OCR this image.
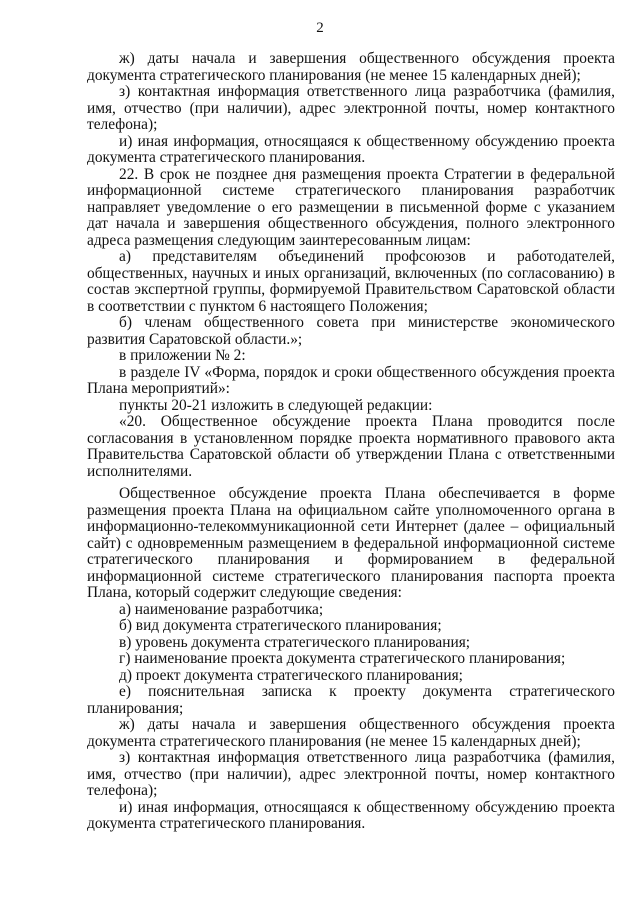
2

ж) даты начала и завершения общественного обсуждения проекта документа стратегического планирования (не менее 15 календарных дней);

з) контактная информация ответственного лица разработчика (фамилия, имя, отчество (при наличии), адрес электронной почты, номер контактного телефона);

и) иная информация, относящаяся к общественному обсуждению проекта документа стратегического планирования.

22. В срок не позднее дня размещения проекта Стратегии в федеральной информационной системе стратегического планирования разработчик направляет уведомление о его размещении в письменной форме с указанием дат начала и завершения общественного обсуждения, полного электронного адреса размещения следующим заинтересованным лицам:

а) представителям объединений профсоюзов и работодателей, общественных, научных и иных организаций, включенных (по согласованию) в состав экспертной группы, формируемой Правительством Саратовской области в соответствии с пунктом 6 настоящего Положения;

б) членам общественного совета при министерстве экономического развития Саратовской области.»;

в приложении № 2:

в разделе IV «Форма, порядок и сроки общественного обсуждения проекта Плана мероприятий»:

пункты 20-21 изложить в следующей редакции:

«20. Общественное обсуждение проекта Плана проводится после согласования в установленном порядке проекта нормативного правового акта Правительства Саратовской области об утверждении Плана с ответственными исполнителями.

Общественное обсуждение проекта Плана обеспечивается в форме размещения проекта Плана на официальном сайте уполномоченного органа в информационно-телекоммуникационной сети Интернет (далее – официальный сайт) с одновременным размещением в федеральной информационной системе стратегического планирования и формированием в федеральной информационной системе стратегического планирования паспорта проекта Плана, который содержит следующие сведения:

а) наименование разработчика;

б) вид документа стратегического планирования;

в) уровень документа стратегического планирования;

г) наименование проекта документа стратегического планирования;

д) проект документа стратегического планирования;

е) пояснительная записка к проекту документа стратегического планирования;

ж) даты начала и завершения общественного обсуждения проекта документа стратегического планирования (не менее 15 календарных дней);

з) контактная информация ответственного лица разработчика (фамилия, имя, отчество (при наличии), адрес электронной почты, номер контактного телефона);

и) иная информация, относящаяся к общественному обсуждению проекта документа стратегического планирования.
